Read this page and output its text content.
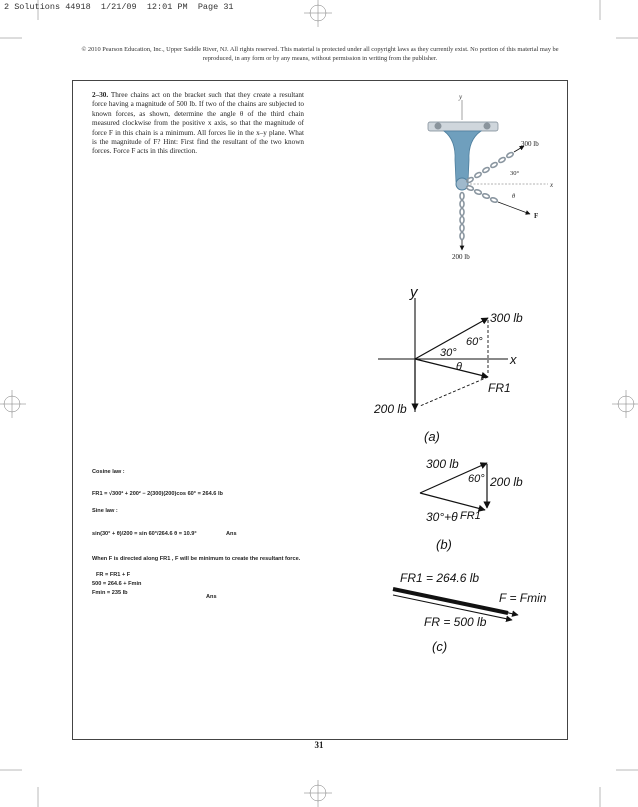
2 Solutions 44918  1/21/09  12:01 PM  Page 31
© 2010 Pearson Education, Inc., Upper Saddle River, NJ. All rights reserved. This material is protected under all copyright laws as they currently exist. No portion of this material may be reproduced, in any form or by any means, without permission in writing from the publisher.
2–30. Three chains act on the bracket such that they create a resultant force having a magnitude of 500 lb. If two of the chains are subjected to known forces, as shown, determine the angle θ of the third chain measured clockwise from the positive x axis, so that the magnitude of force F in this chain is a minimum. All forces lie in the x–y plane. What is the magnitude of F? Hint: First find the resultant of the two known forces. Force F acts in this direction.
y
300 lb
30°
x
θ
F
200 lb
y
x
300 lb
60°
30°
θ
FR1
200 lb
(a)
300 lb
60° 200 lb
30°+θ FR1
(b)
FR1 = 264.6 lb
F = Fmin
FR = 500 lb
(c)
Cosine law :
FR1 = √300² + 200² − 2(300)(200)cos 60° = 264.6 lb
Sine law :
sin(30° + θ)/200 = sin 60°/264.6 θ = 10.9°	Ans
When F is directed along FR1 , F will be minimum to create the resultant force.
FR = FR1 + F
500 = 264.6 + Fmin
Fmin = 235 lb
Ans
31
